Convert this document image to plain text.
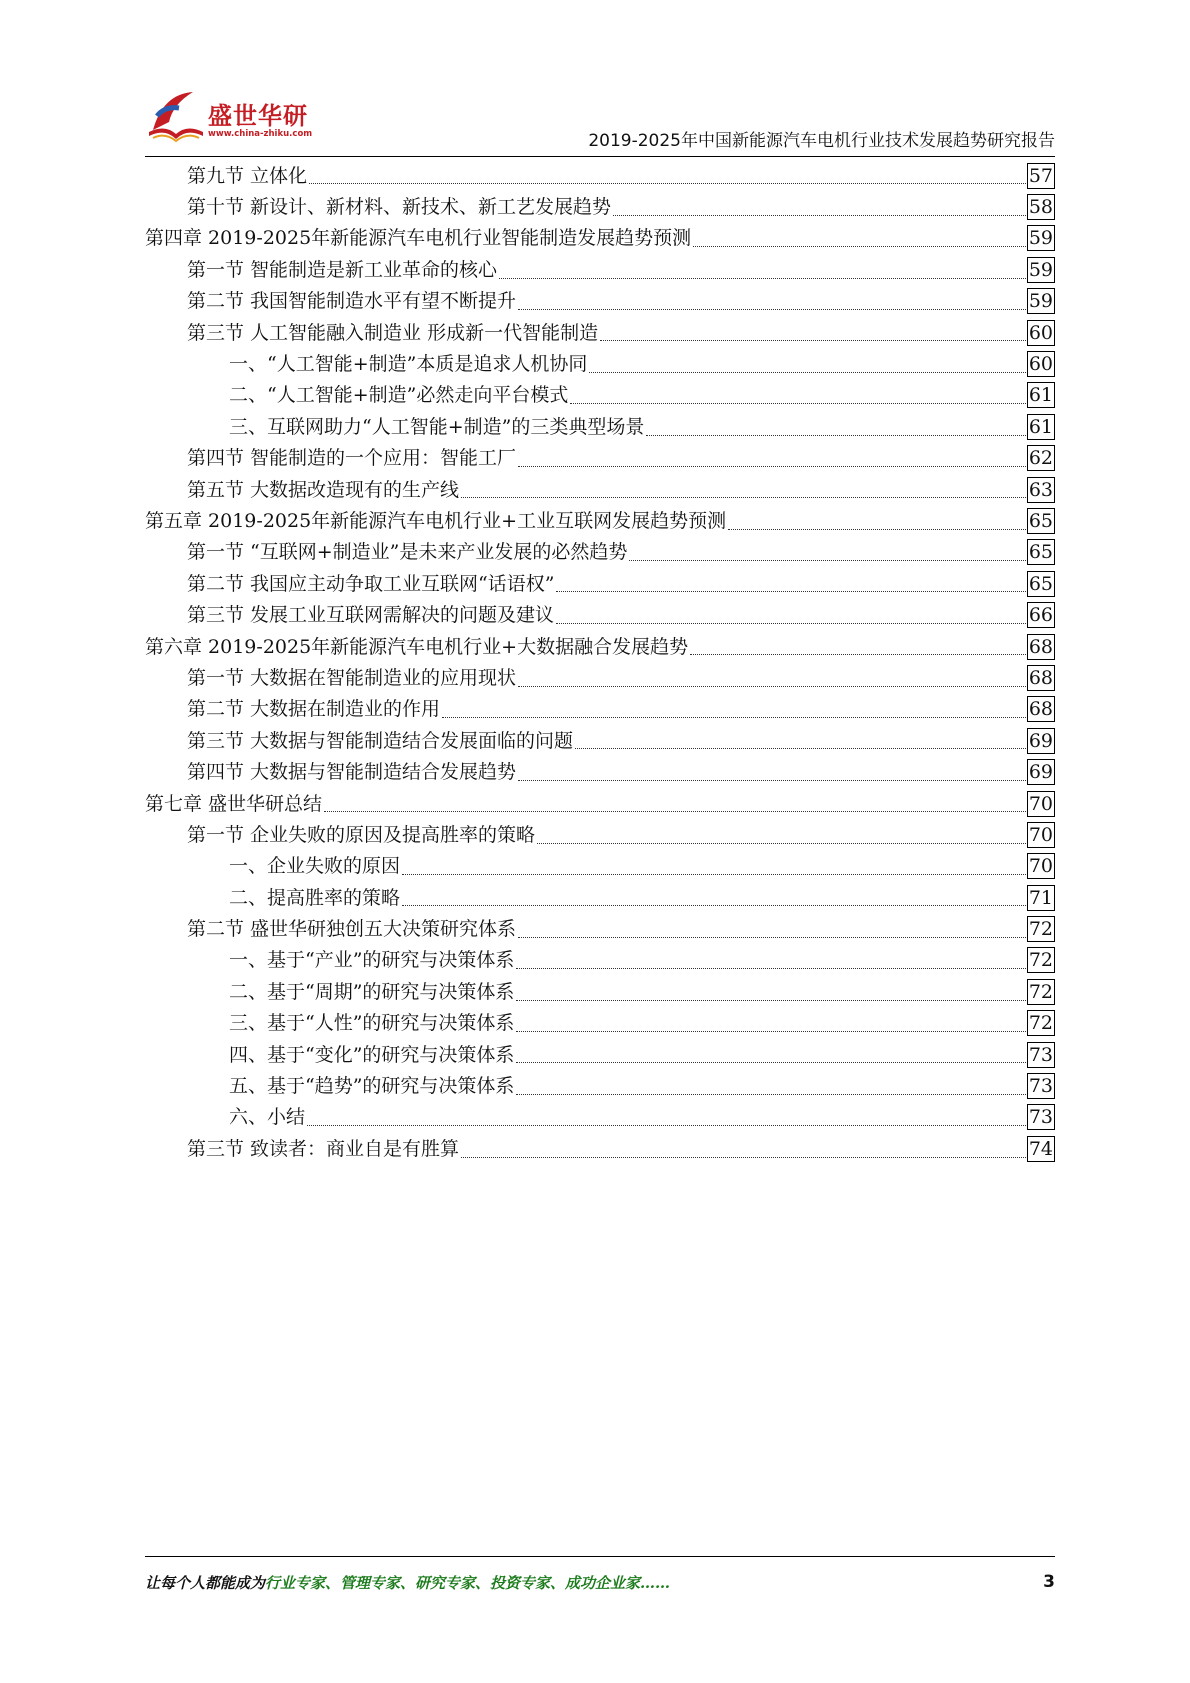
盛世华研
www.china-zhiku.com	2019-2025年中国新能源汽车电机行业技术发展趋势研究报告
第九节 立体化	57
第十节 新设计、新材料、新技术、新工艺发展趋势	58
第四章 2019-2025年新能源汽车电机行业智能制造发展趋势预测	59
第一节 智能制造是新工业革命的核心	59
第二节 我国智能制造水平有望不断提升	59
第三节 人工智能融入制造业 形成新一代智能制造	60
一、“人工智能+制造”本质是追求人机协同	60
二、“人工智能+制造”必然走向平台模式	61
三、互联网助力“人工智能+制造”的三类典型场景	61
第四节 智能制造的一个应用：智能工厂	62
第五节 大数据改造现有的生产线	63
第五章 2019-2025年新能源汽车电机行业+工业互联网发展趋势预测	65
第一节 “互联网+制造业”是未来产业发展的必然趋势	65
第二节 我国应主动争取工业互联网“话语权”	65
第三节 发展工业互联网需解决的问题及建议	66
第六章 2019-2025年新能源汽车电机行业+大数据融合发展趋势	68
第一节 大数据在智能制造业的应用现状	68
第二节 大数据在制造业的作用	68
第三节 大数据与智能制造结合发展面临的问题	69
第四节 大数据与智能制造结合发展趋势	69
第七章 盛世华研总结	70
第一节 企业失败的原因及提高胜率的策略	70
一、企业失败的原因	70
二、提高胜率的策略	71
第二节 盛世华研独创五大决策研究体系	72
一、基于“产业”的研究与决策体系	72
二、基于“周期”的研究与决策体系	72
三、基于“人性”的研究与决策体系	72
四、基于“变化”的研究与决策体系	73
五、基于“趋势”的研究与决策体系	73
六、小结	73
第三节 致读者：商业自是有胜算	74
让每个人都能成为行业专家、管理专家、研究专家、投资专家、成功企业家……	3
